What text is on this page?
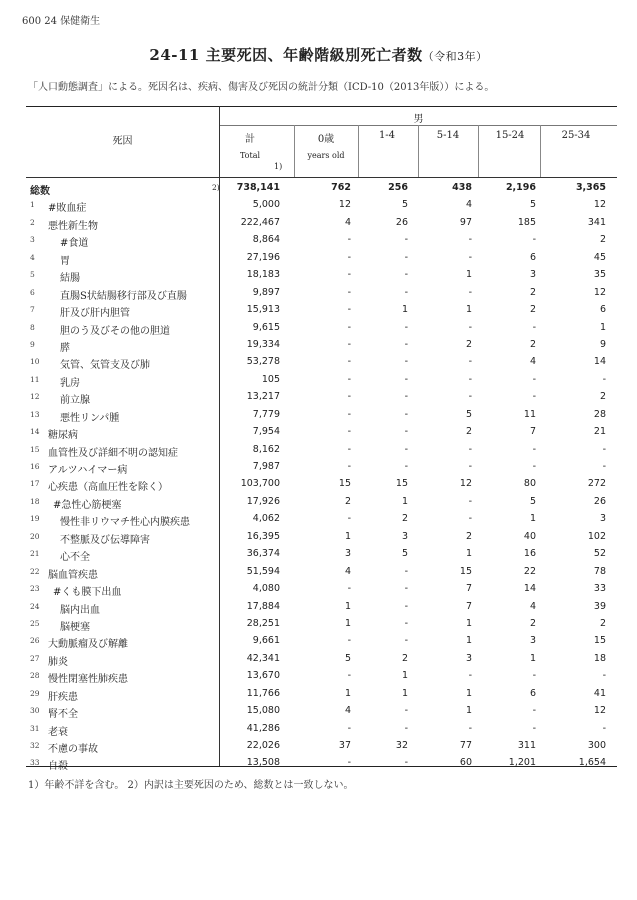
600 24 保健衛生
24-11 主要死因、年齢階級別死亡者数（令和3年）
「人口動態調査」による。死因名は、疾病、傷害及び死因の統計分類（ICD-10（2013年版））による。
男
死因	計
Total
0歳
years old
1-4	5-14	15-24	25-34
1)
総数	2)	738,141	762	256	438	2,196	3,365
1 #敗血症	5,000	12	5	4	5	12
2 悪性新生物	222,467	4	26	97	185	341
3	#食道	8,864	-	-	-	-	2
4	胃	27,196	-	-	-	6	45
5	結腸	18,183	-	-	1	3	35
6	直腸S状結腸移行部及び直腸	9,897	-	-	-	2	12
7	肝及び肝内胆管	15,913	-	1	1	2	6
8	胆のう及びその他の胆道	9,615	-	-	-	-	1
9	膵	19,334	-	-	2	2	9
10 気管、気管支及び肺	53,278	-	-	-	4	14
11 乳房	105	-	-	-	-	-
12 前立腺	13,217	-	-	-	-	2
13 悪性リンパ腫	7,779	-	-	5	11	28
14 糖尿病	7,954	-	-	2	7	21
15 血管性及び詳細不明の認知症	8,162	-	-	-	-	-
16 アルツハイマー病	7,987	-	-	-	-	-
17 心疾患（高血圧性を除く）	103,700	15	15	12	80	272
18 #急性心筋梗塞	17,926	2	1	-	5	26
19 慢性非リウマチ性心内膜疾患	4,062	-	2	-	1	3
20 不整脈及び伝導障害	16,395	1	3	2	40	102
21 心不全	36,374	3	5	1	16	52
22 脳血管疾患	51,594	4	-	15	22	78
23 #くも膜下出血	4,080	-	-	7	14	33
24 脳内出血	17,884	1	-	7	4	39
25 脳梗塞	28,251	1	-	1	2	2
26 大動脈瘤及び解離	9,661	-	-	1	3	15
27 肺炎	42,341	5	2	3	1	18
28 慢性閉塞性肺疾患	13,670	-	1	-	-	-
29 肝疾患	11,766	1	1	1	6	41
30 腎不全	15,080	4	-	1	-	12
31 老衰	41,286	-	-	-	-	-
32 不慮の事故	22,026	37	32	77	311	300
33 自殺	13,508	-	-	60	1,201	1,654
1）年齢不詳を含む。 2）内訳は主要死因のため、総数とは一致しない。
